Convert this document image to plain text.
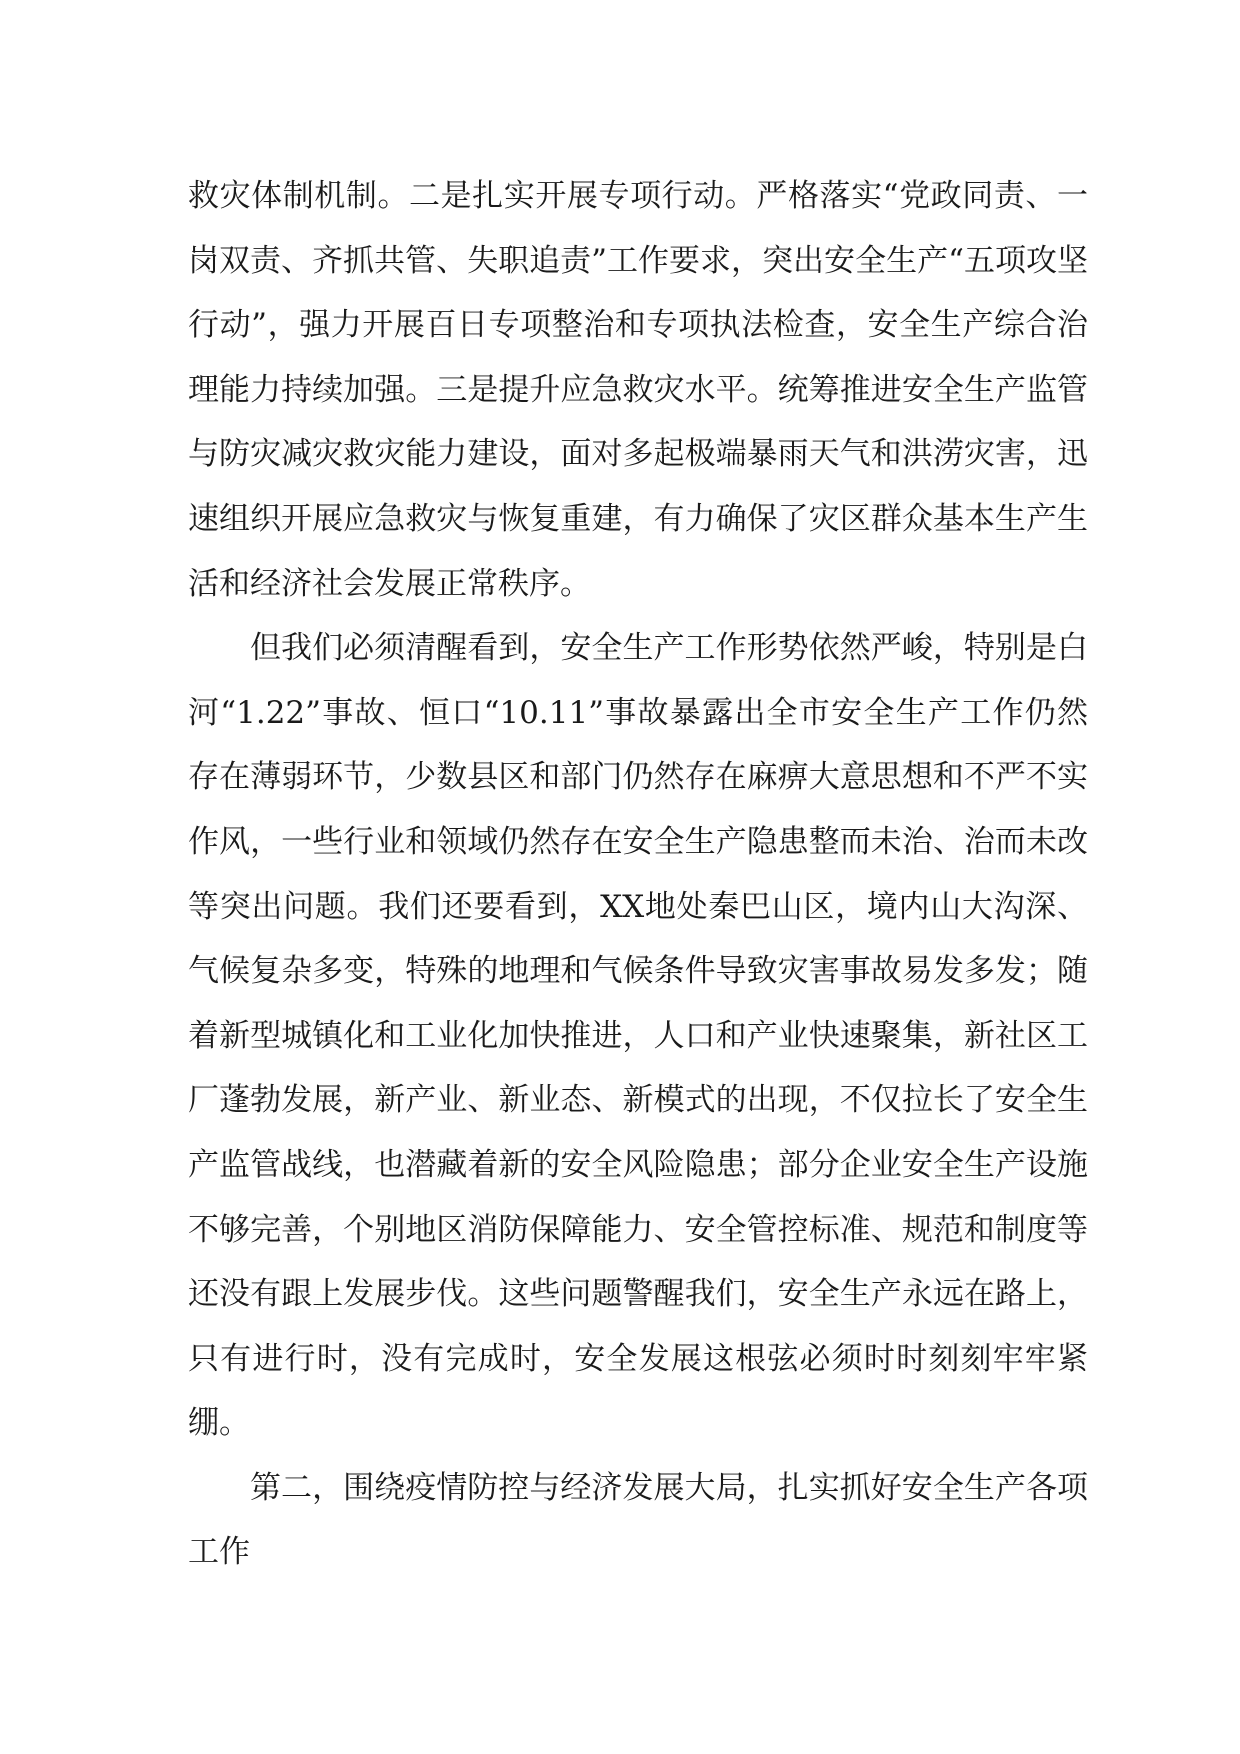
救灾体制机制。二是扎实开展专项行动。严格落实“党政同责、一岗双责、齐抓共管、失职追责”工作要求，突出安全生产“五项攻坚行动”，强力开展百日专项整治和专项执法检查，安全生产综合治理能力持续加强。三是提升应急救灾水平。统筹推进安全生产监管与防灾减灾救灾能力建设，面对多起极端暴雨天气和洪涝灾害，迅速组织开展应急救灾与恢复重建，有力确保了灾区群众基本生产生活和经济社会发展正常秩序。

但我们必须清醒看到，安全生产工作形势依然严峻，特别是白河“1.22”事故、恒口“10.11”事故暴露出全市安全生产工作仍然存在薄弱环节，少数县区和部门仍然存在麻痹大意思想和不严不实作风，一些行业和领域仍然存在安全生产隐患整而未治、治而未改等突出问题。我们还要看到，XX地处秦巴山区，境内山大沟深、气候复杂多变，特殊的地理和气候条件导致灾害事故易发多发；随着新型城镇化和工业化加快推进，人口和产业快速聚集，新社区工厂蓬勃发展，新产业、新业态、新模式的出现，不仅拉长了安全生产监管战线，也潜藏着新的安全风险隐患；部分企业安全生产设施不够完善，个别地区消防保障能力、安全管控标准、规范和制度等还没有跟上发展步伐。这些问题警醒我们，安全生产永远在路上，只有进行时，没有完成时，安全发展这根弦必须时时刻刻牢牢紧绷。

第二，围绕疫情防控与经济发展大局，扎实抓好安全生产各项工作
